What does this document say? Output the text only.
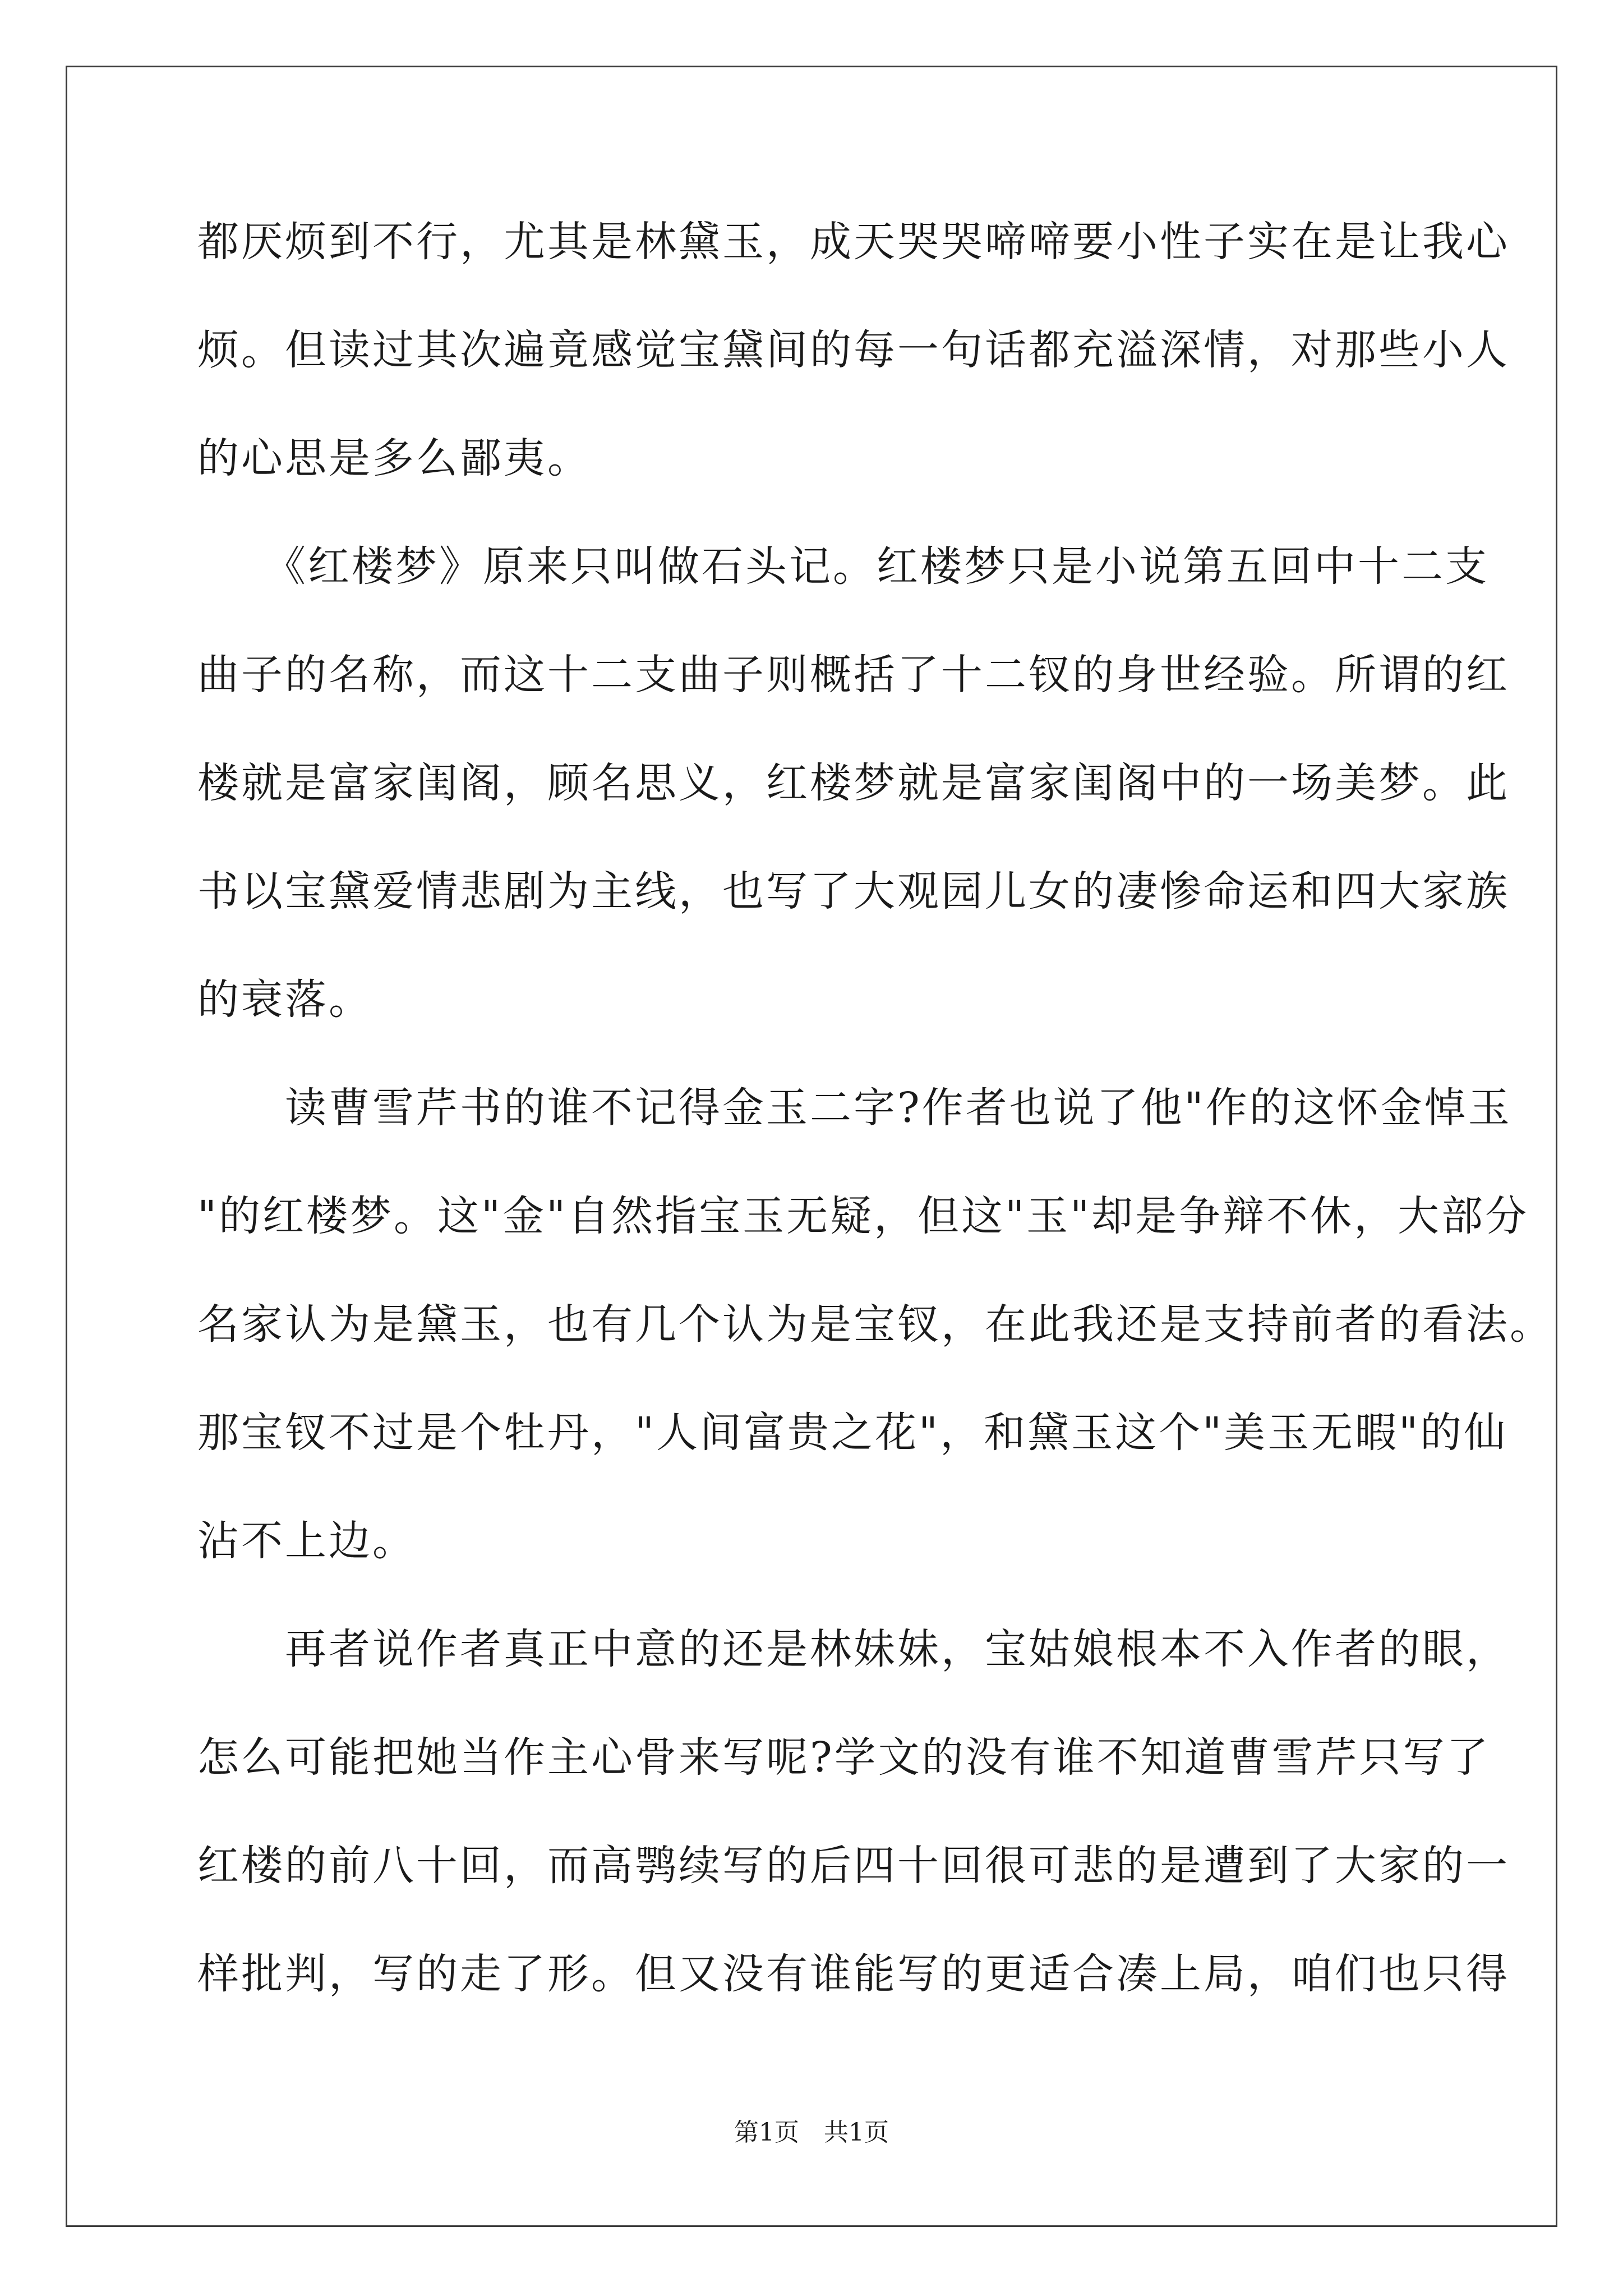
都厌烦到不行，尤其是林黛玉，成天哭哭啼啼要小性子实在是让我心
烦。但读过其次遍竟感觉宝黛间的每一句话都充溢深情，对那些小人
的心思是多么鄙夷。
　　《红楼梦》原来只叫做石头记。红楼梦只是小说第五回中十二支
曲子的名称，而这十二支曲子则概括了十二钗的身世经验。所谓的红
楼就是富家闺阁，顾名思义，红楼梦就是富家闺阁中的一场美梦。此
书以宝黛爱情悲剧为主线，也写了大观园儿女的凄惨命运和四大家族
的衰落。
　　读曹雪芹书的谁不记得金玉二字?作者也说了他"作的这怀金悼玉
"的红楼梦。这"金"自然指宝玉无疑，但这"玉"却是争辩不休，大部分
名家认为是黛玉，也有几个认为是宝钗，在此我还是支持前者的看法。
那宝钗不过是个牡丹，"人间富贵之花"，和黛玉这个"美玉无暇"的仙
沾不上边。
　　再者说作者真正中意的还是林妹妹，宝姑娘根本不入作者的眼，
怎么可能把她当作主心骨来写呢?学文的没有谁不知道曹雪芹只写了
红楼的前八十回，而高鹗续写的后四十回很可悲的是遭到了大家的一
样批判，写的走了形。但又没有谁能写的更适合凑上局，咱们也只得
第1页　共1页
